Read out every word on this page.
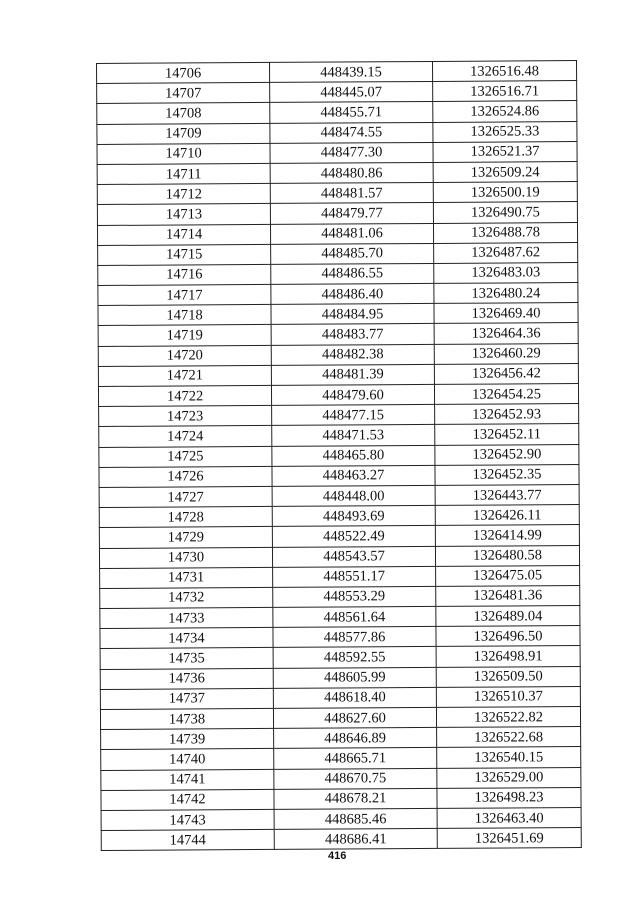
14706	448439.15	1326516.48
14707	448445.07	1326516.71
14708	448455.71	1326524.86
14709	448474.55	1326525.33
14710	448477.30	1326521.37
14711	448480.86	1326509.24
14712	448481.57	1326500.19
14713	448479.77	1326490.75
14714	448481.06	1326488.78
14715	448485.70	1326487.62
14716	448486.55	1326483.03
14717	448486.40	1326480.24
14718	448484.95	1326469.40
14719	448483.77	1326464.36
14720	448482.38	1326460.29
14721	448481.39	1326456.42
14722	448479.60	1326454.25
14723	448477.15	1326452.93
14724	448471.53	1326452.11
14725	448465.80	1326452.90
14726	448463.27	1326452.35
14727	448448.00	1326443.77
14728	448493.69	1326426.11
14729	448522.49	1326414.99
14730	448543.57	1326480.58
14731	448551.17	1326475.05
14732	448553.29	1326481.36
14733	448561.64	1326489.04
14734	448577.86	1326496.50
14735	448592.55	1326498.91
14736	448605.99	1326509.50
14737	448618.40	1326510.37
14738	448627.60	1326522.82
14739	448646.89	1326522.68
14740	448665.71	1326540.15
14741	448670.75	1326529.00
14742	448678.21	1326498.23
14743	448685.46	1326463.40
14744	448686.41	1326451.69
416
